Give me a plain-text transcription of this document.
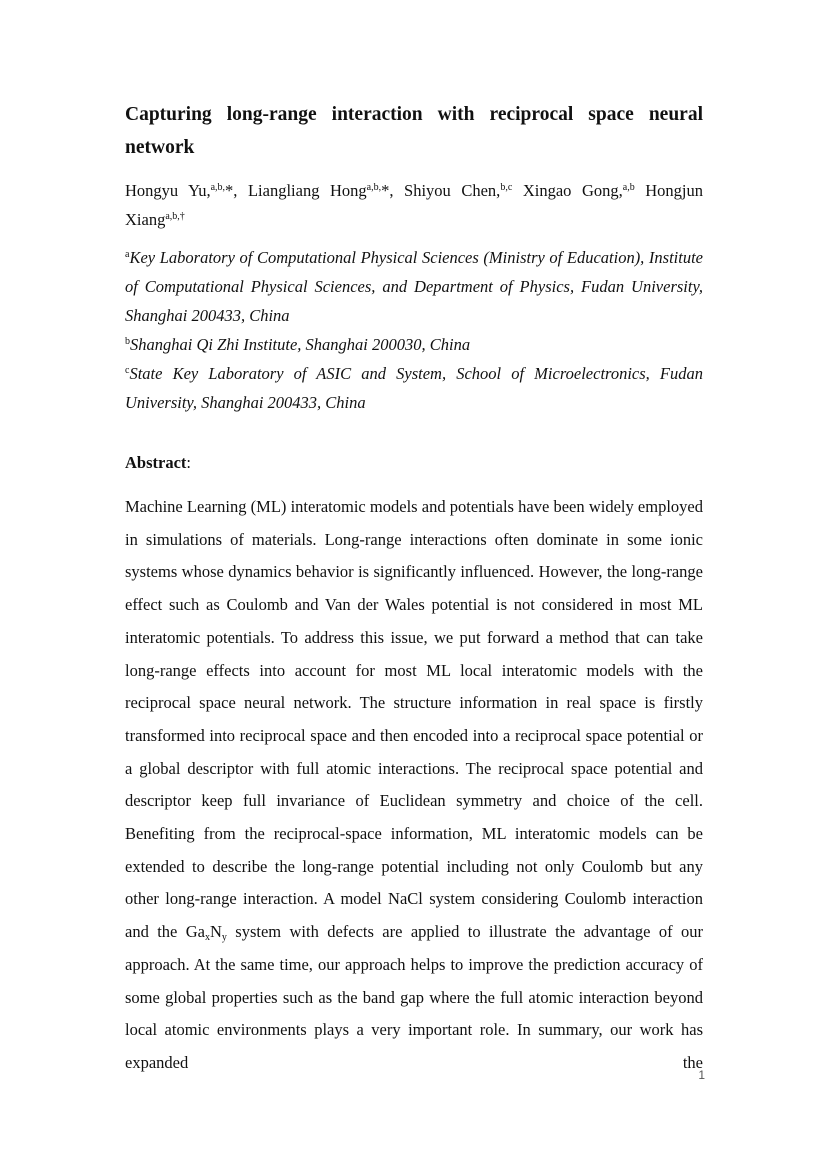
Capturing long-range interaction with reciprocal space neural network
Hongyu Yu,$^{a,b,}$*, Liangliang Hong$^{a,b,}$*, Shiyou Chen,$^{b,c}$ Xingao Gong,$^{a,b}$ Hongjun Xiang$^{a,b,\dagger}$
$^a$Key Laboratory of Computational Physical Sciences (Ministry of Education), Institute of Computational Physical Sciences, and Department of Physics, Fudan University, Shanghai 200433, China
$^b$Shanghai Qi Zhi Institute, Shanghai 200030, China
$^c$State Key Laboratory of ASIC and System, School of Microelectronics, Fudan University, Shanghai 200433, China
Abstract:
Machine Learning (ML) interatomic models and potentials have been widely employed in simulations of materials. Long-range interactions often dominate in some ionic systems whose dynamics behavior is significantly influenced. However, the long-range effect such as Coulomb and Van der Wales potential is not considered in most ML interatomic potentials. To address this issue, we put forward a method that can take long-range effects into account for most ML local interatomic models with the reciprocal space neural network. The structure information in real space is firstly transformed into reciprocal space and then encoded into a reciprocal space potential or a global descriptor with full atomic interactions. The reciprocal space potential and descriptor keep full invariance of Euclidean symmetry and choice of the cell. Benefiting from the reciprocal-space information, ML interatomic models can be extended to describe the long-range potential including not only Coulomb but any other long-range interaction. A model NaCl system considering Coulomb interaction and the $Ga_xN_y$ system with defects are applied to illustrate the advantage of our approach. At the same time, our approach helps to improve the prediction accuracy of some global properties such as the band gap where the full atomic interaction beyond local atomic environments plays a very important role. In summary, our work has expanded the
1
